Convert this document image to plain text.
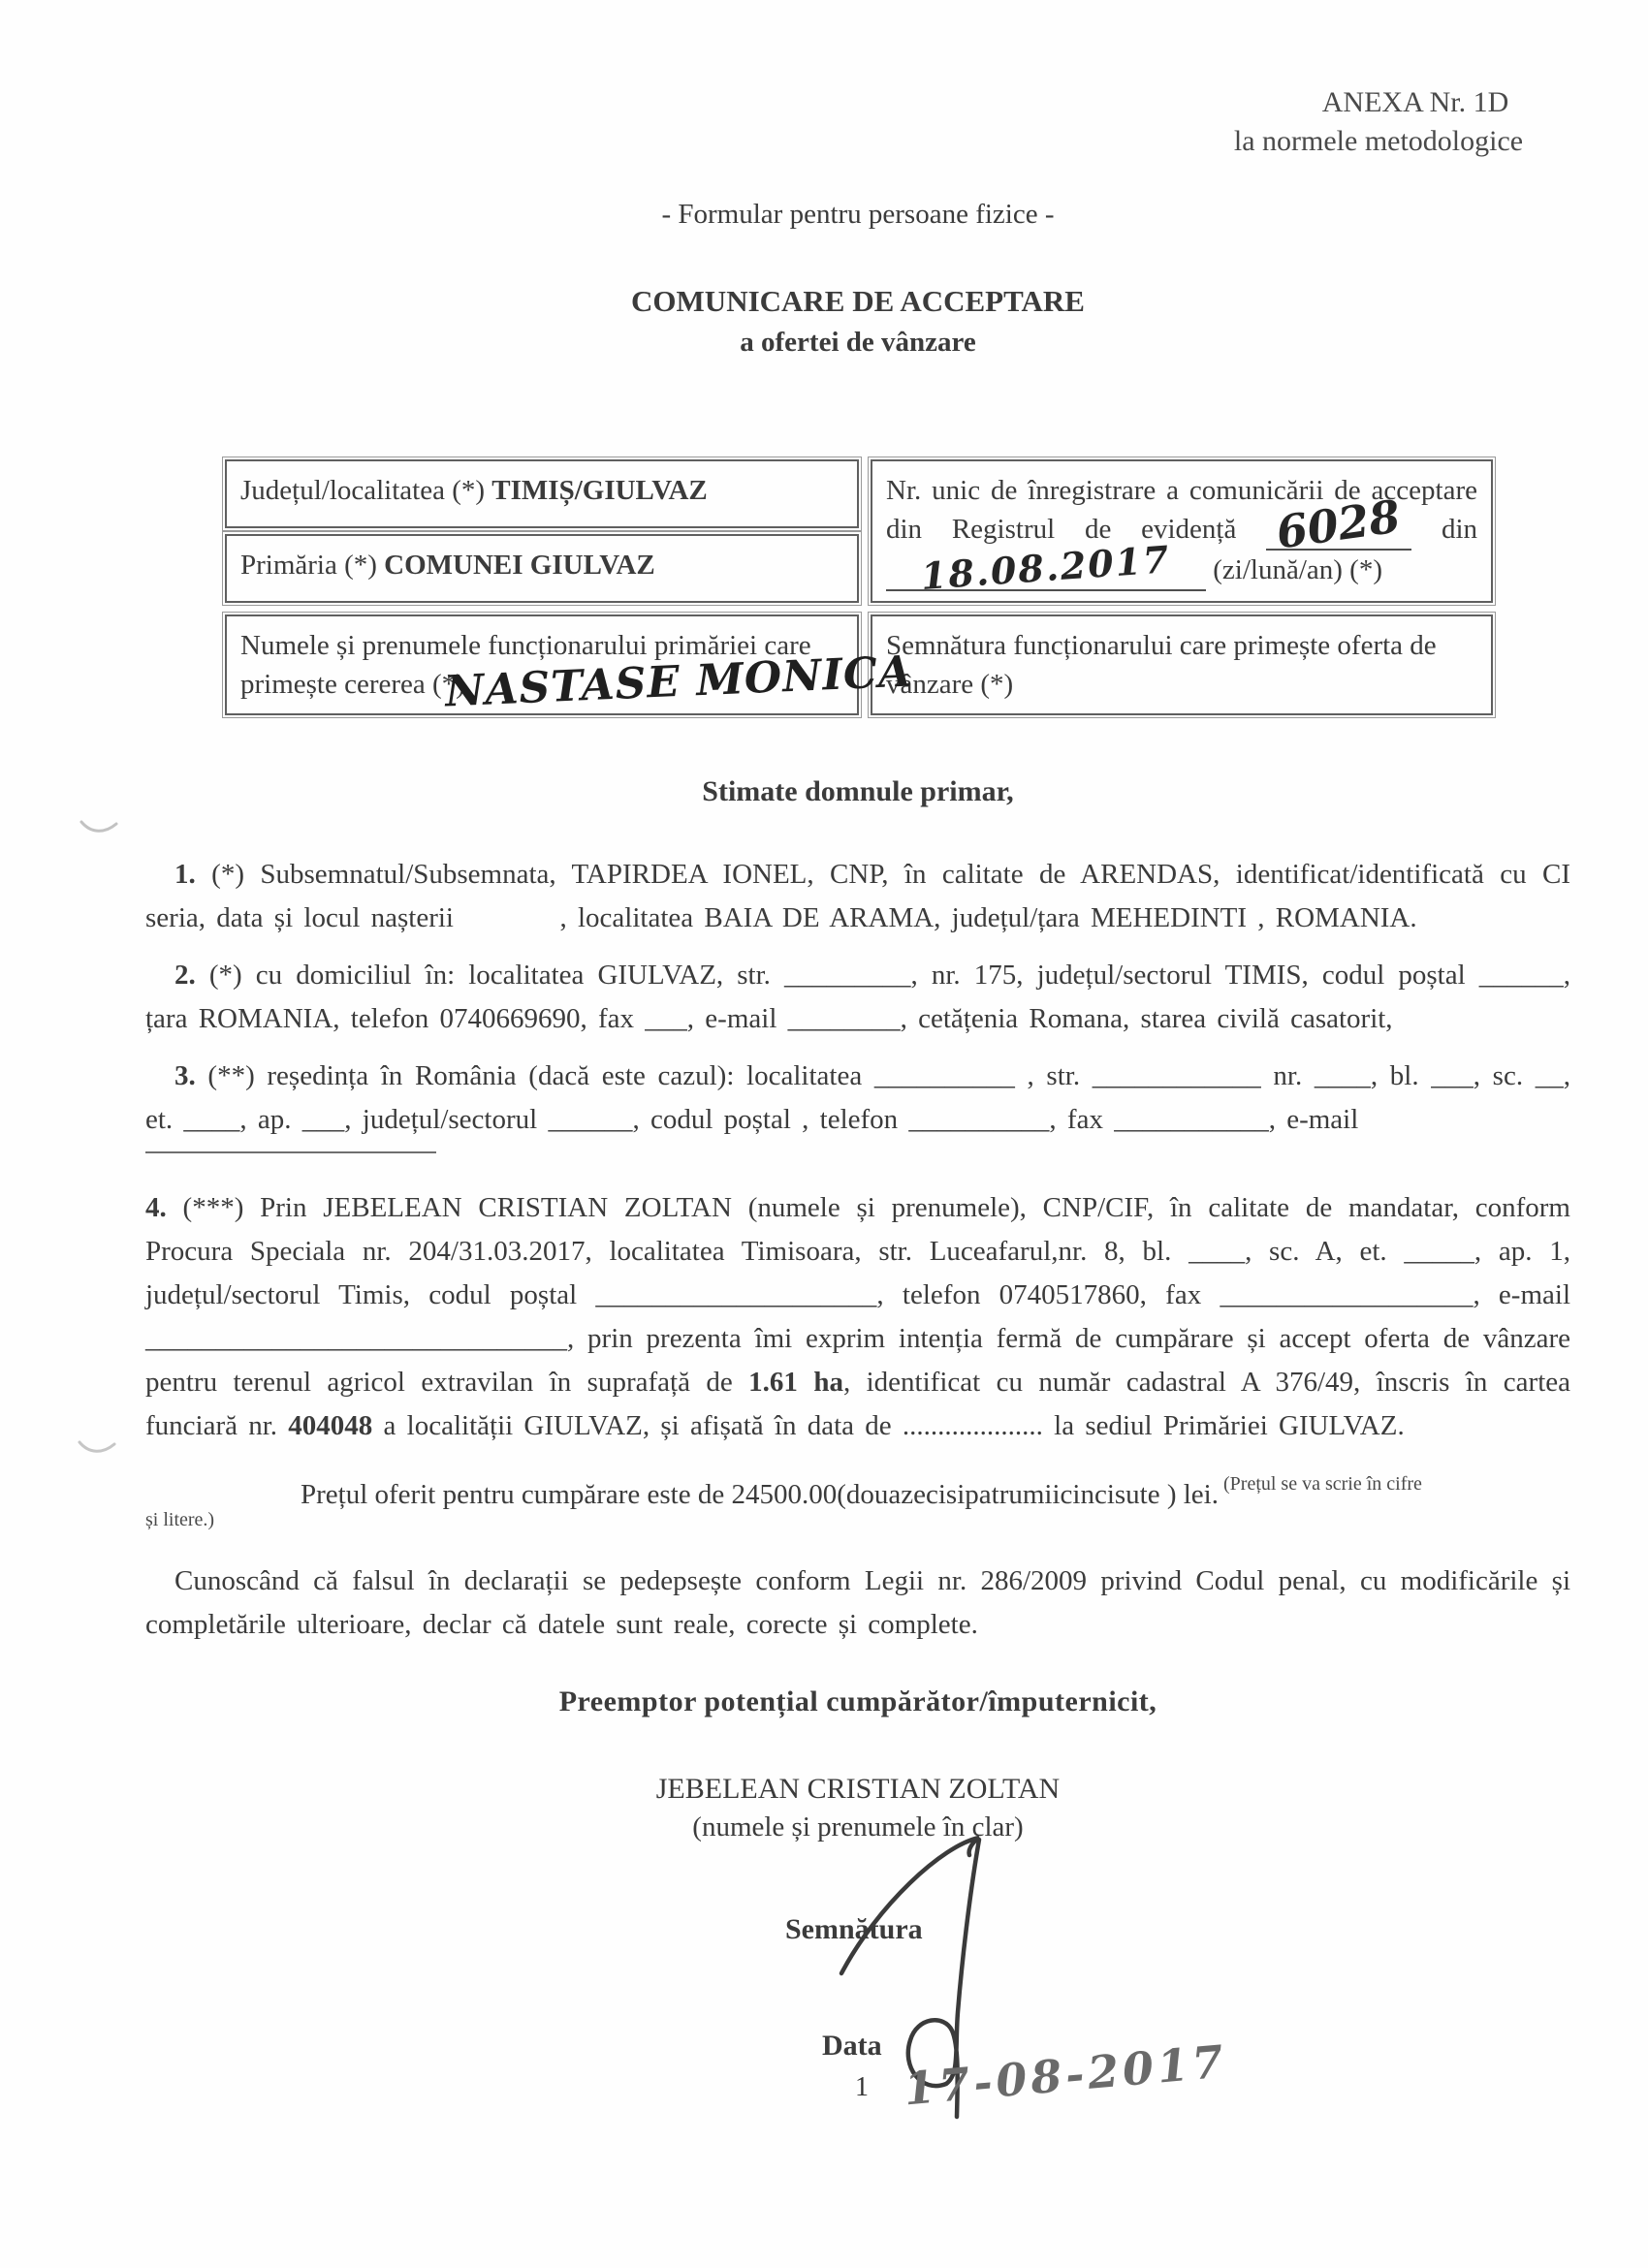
ANEXA Nr. 1D
la normele metodologice
- Formular pentru persoane fizice -
COMUNICARE DE ACCEPTARE
a ofertei de vânzare
Județul/localitatea (*) TIMIȘ/GIULVAZ
Primăria (*) COMUNEI GIULVAZ
Nr. unic de înregistrare a comunicării de acceptare din Registrul de evidență 6028 din 18.08.2017 (zi/lună/an) (*)
Numele și prenumele funcționarului primăriei care primește cererea (*)
NASTASE MONICA
Semnătura funcționarului care primește oferta de vânzare (*)
Stimate domnule primar,

1. (*) Subsemnatul/Subsemnata, TAPIRDEA IONEL, CNP, în calitate de ARENDAS, identificat/identificată cu CI seria, data și locul nașterii     , localitatea BAIA DE ARAMA, județul/țara MEHEDINTI , ROMANIA.

2. (*) cu domiciliul în: localitatea GIULVAZ, str. _________, nr. 175, județul/sectorul TIMIS, codul poștal ______, țara ROMANIA, telefon 0740669690, fax ___, e-mail ________, cetățenia Romana, starea civilă casatorit,

3. (**) reședința în România (dacă este cazul): localitatea __________ , str. ____________ nr. ____, bl. ___, sc. __, et. ____, ap. ___, județul/sectorul ______, codul poștal , telefon __________, fax ___________, e-mail

4. (***) Prin JEBELEAN CRISTIAN ZOLTAN (numele și prenumele), CNP/CIF, în calitate de mandatar, conform Procura Speciala nr. 204/31.03.2017, localitatea Timisoara, str. Luceafarul,nr. 8, bl. ____, sc. A, et. _____, ap. 1, județul/sectorul Timis, codul poștal ____________________, telefon 0740517860, fax __________________, e-mail ______________________________, prin prezenta îmi exprim intenția fermă de cumpărare și accept oferta de vânzare pentru terenul agricol extravilan în suprafață de 1.61 ha, identificat cu număr cadastral A 376/49, înscris în cartea funciară nr. 404048 a localității GIULVAZ, și afișată în data de .................... la sediul Primăriei GIULVAZ.

Prețul oferit pentru cumpărare este de 24500.00(douazecisipatrumiicincisute ) lei. $^{(Prețul se va scrie în cifre}$
și litere.)

Cunoscând că falsul în declarații se pedepsește conform Legii nr. 286/2009 privind Codul penal, cu modificările și completările ulterioare, declar că datele sunt reale, corecte și complete.

Preemptor potențial cumpărător/împuternicit,
JEBELEAN CRISTIAN ZOLTAN
(numele și prenumele în clar)
Semnătura
Data
1 17-08-2017
